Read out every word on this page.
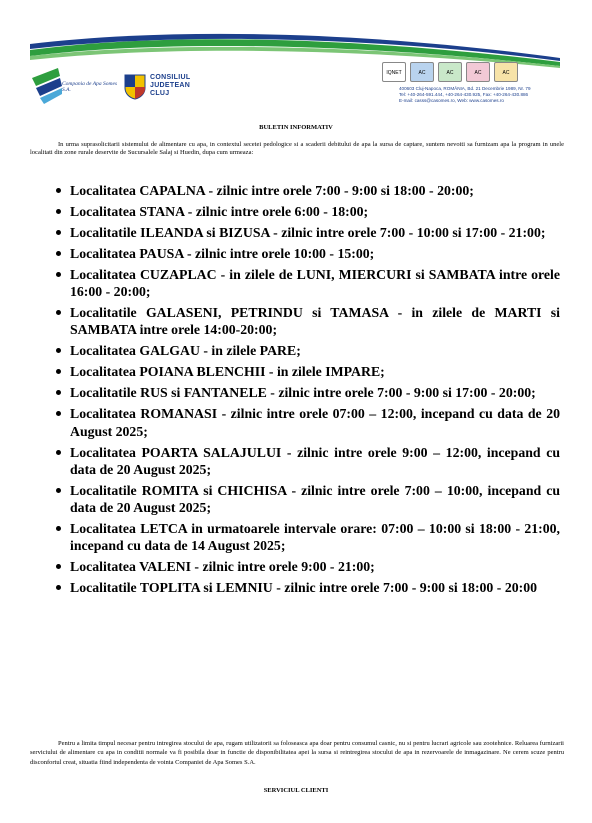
Compania de Apa Somes S.A.
CONSILIUL
JUDETEAN
CLUJ
IQNET	AC	AC	AC	AC
400603 Cluj-Napoca, ROMÂNIA, Bd. 21 Decembrie 1989, Nr. 79
Tel: +40-264-591.444, +40-264-430.925, Fax: +40-264-430.886
E-mail: casss@casomes.ro, Web: www.casomes.ro
BULETIN INFORMATIV

In urma suprasolicitarii sistemului de alimentare cu apa, in contextul secetei pedologice si a scaderii debitului de apa la sursa de captare, suntem nevoiti sa furnizam apa la program in unele localitati din zone rurale deservite de Sucursalele Salaj si Huedin, dupa cum urmeaza:

Localitatea CAPALNA - zilnic intre orele 7:00 - 9:00 si 18:00 - 20:00;
Localitatea STANA - zilnic intre orele 6:00 - 18:00;
Localitatile ILEANDA si BIZUSA - zilnic intre orele 7:00 - 10:00 si 17:00 - 21:00;
Localitatea PAUSA - zilnic intre orele 10:00 - 15:00;
Localitatea CUZAPLAC - in zilele de LUNI, MIERCURI si SAMBATA intre orele 16:00 - 20:00;
Localitatile GALASENI, PETRINDU si TAMASA - in zilele de MARTI si SAMBATA intre orele 14:00-20:00;
Localitatea GALGAU - in zilele PARE;
Localitatea POIANA BLENCHII - in zilele IMPARE;
Localitatile RUS si FANTANELE - zilnic intre orele 7:00 - 9:00 si 17:00 - 20:00;
Localitatea ROMANASI - zilnic intre orele 07:00 – 12:00, incepand cu data de 20 August 2025;
Localitatea POARTA SALAJULUI - zilnic intre orele 9:00 – 12:00, incepand cu data de 20 August 2025;
Localitatile ROMITA si CHICHISA - zilnic intre orele 7:00 – 10:00, incepand cu data de 20 August 2025;
Localitatea LETCA in urmatoarele intervale orare: 07:00 – 10:00 si 18:00 - 21:00, incepand cu data de 14 August 2025;
Localitatea VALENI - zilnic intre orele 9:00 - 21:00;
Localitatile TOPLITA si LEMNIU - zilnic intre orele 7:00 - 9:00 si 18:00 - 20:00

Pentru a limita timpul necesar pentru intregirea stocului de apa, rugam utilizatorii sa foloseasca apa doar pentru consumul casnic, nu si pentru lucrari agricole sau zootehnice. Reluarea furnizarii serviciului de alimentare cu apa in conditii normale va fi posibila doar in functie de disponibilitatea apei la sursa si reintregirea stocului de apa in rezervoarele de inmagazinare. Ne cerem scuze pentru disconfortul creat, situatia fiind independenta de vointa Companiei de Apa Somes S.A.

SERVICIUL CLIENTI
